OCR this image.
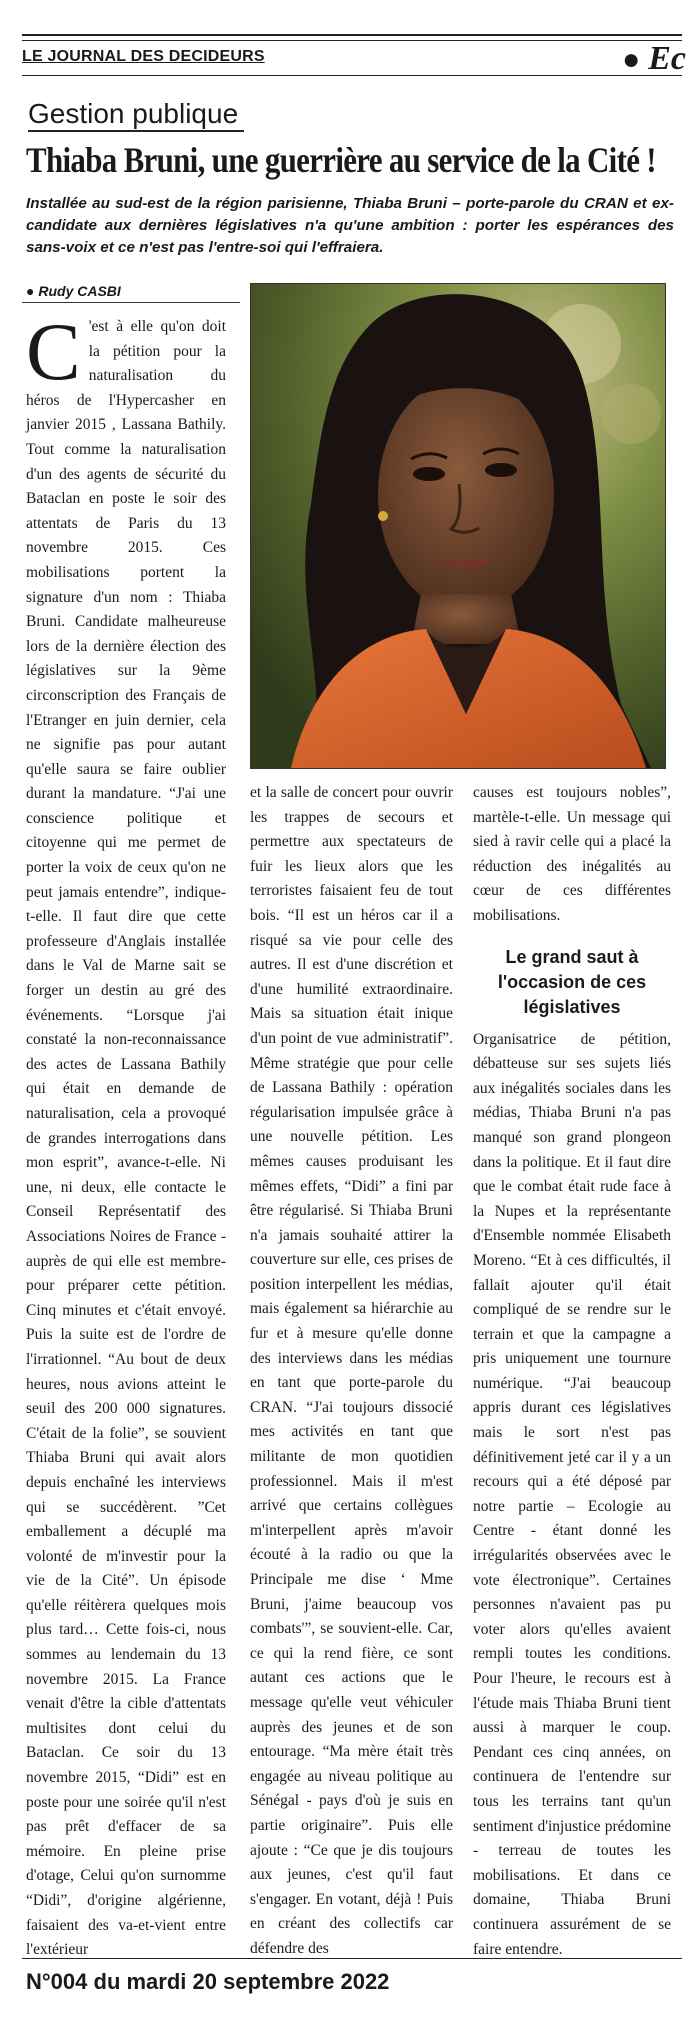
LE JOURNAL DES DECIDEURS	● Ec
Gestion publique
Thiaba Bruni, une guerrière au service de la Cité !
Installée au sud-est de la région parisienne, Thiaba Bruni – porte-parole du CRAN et ex-candidate aux dernières législatives n'a qu'une ambition : porter les espérances des sans-voix et ce n'est pas l'entre-soi qui l'effraiera.
● Rudy CASBI
C 'est à elle qu'on doit la pétition pour la naturalisation du héros de l'Hypercasher en janvier 2015 , Lassana Bathily. Tout comme la naturalisation d'un des agents de sécurité du Bataclan en poste le soir des attentats de Paris du 13 novembre 2015. Ces mobilisations portent la signature d'un nom : Thiaba Bruni. Candidate malheureuse lors de la dernière élection des législatives sur la 9ème circonscription des Français de l'Etranger en juin dernier, cela ne signifie pas pour autant qu'elle saura se faire oublier durant la mandature. “J'ai une conscience politique et citoyenne qui me permet de porter la voix de ceux qu'on ne peut jamais entendre”, indique-t-elle. Il faut dire que cette professeure d'Anglais installée dans le Val de Marne sait se forger un destin au gré des événements. “Lorsque j'ai constaté la non-reconnaissance des actes de Lassana Bathily qui était en demande de naturalisation, cela a provoqué de grandes interrogations dans mon esprit”, avance-t-elle. Ni une, ni deux, elle contacte le Conseil Représentatif des Associations Noires de France - auprès de qui elle est membre-pour préparer cette pétition. Cinq minutes et c'était envoyé. Puis la suite est de l'ordre de l'irrationnel. “Au bout de deux heures, nous avions atteint le seuil des 200 000 signatures. C'était de la folie”, se souvient Thiaba Bruni qui avait alors depuis enchaîné les interviews qui se succédèrent. ”Cet emballement a décuplé ma volonté de m'investir pour la vie de la Cité”. Un épisode qu'elle réitèrera quelques mois plus tard… Cette fois-ci, nous sommes au lendemain du 13 novembre 2015. La France venait d'être la cible d'attentats multisites dont celui du Bataclan. Ce soir du 13 novembre 2015, “Didi” est en poste pour une soirée qu'il n'est pas prêt d'effacer de sa mémoire. En pleine prise d'otage, Celui qu'on surnomme “Didi”, d'origine algérienne, faisaient des va-et-vient entre l'extérieur

et la salle de concert pour ouvrir les trappes de secours et permettre aux spectateurs de fuir les lieux alors que les terroristes faisaient feu de tout bois. “Il est un héros car il a risqué sa vie pour celle des autres. Il est d'une discrétion et d'une humilité extraordinaire. Mais sa situation était inique d'un point de vue administratif”. Même stratégie que pour celle de Lassana Bathily : opération régularisation impulsée grâce à une nouvelle pétition. Les mêmes causes produisant les mêmes effets, “Didi” a fini par être régularisé. Si Thiaba Bruni n'a jamais souhaité attirer la couverture sur elle, ces prises de position interpellent les médias, mais également sa hiérarchie au fur et à mesure qu'elle donne des interviews dans les médias en tant que porte-parole du CRAN. “J'ai toujours dissocié mes activités en tant que militante de mon quotidien professionnel. Mais il m'est arrivé que certains collègues m'interpellent après m'avoir écouté à la radio ou que la Principale me dise ‘ Mme Bruni, j'aime beaucoup vos combats'”, se souvient-elle. Car, ce qui la rend fière, ce sont autant ces actions que le message qu'elle veut véhiculer auprès des jeunes et de son entourage. “Ma mère était très engagée au niveau politique au Sénégal - pays d'où je suis en partie originaire”. Puis elle ajoute : “Ce que je dis toujours aux jeunes, c'est qu'il faut s'engager. En votant, déjà ! Puis en créant des collectifs car défendre des

causes est toujours nobles”, martèle-t-elle. Un message qui sied à ravir celle qui a placé la réduction des inégalités au cœur de ces différentes mobilisations.

Le grand saut à l'occasion de ces législatives

Organisatrice de pétition, débatteuse sur ses sujets liés aux inégalités sociales dans les médias, Thiaba Bruni n'a pas manqué son grand plongeon dans la politique. Et il faut dire que le combat était rude face à la Nupes et la représentante d'Ensemble nommée Elisabeth Moreno. “Et à ces difficultés, il fallait ajouter qu'il était compliqué de se rendre sur le terrain et que la campagne a pris uniquement une tournure numérique. “J'ai beaucoup appris durant ces législatives mais le sort n'est pas définitivement jeté car il y a un recours qui a été déposé par notre partie – Ecologie au Centre - étant donné les irrégularités observées avec le vote électronique”. Certaines personnes n'avaient pas pu voter alors qu'elles avaient rempli toutes les conditions. Pour l'heure, le recours est à l'étude mais Thiaba Bruni tient aussi à marquer le coup. Pendant ces cinq années, on continuera de l'entendre sur tous les terrains tant qu'un sentiment d'injustice prédomine - terreau de toutes les mobilisations. Et dans ce domaine, Thiaba Bruni continuera assurément de se faire entendre.

N°004 du mardi 20 septembre 2022
